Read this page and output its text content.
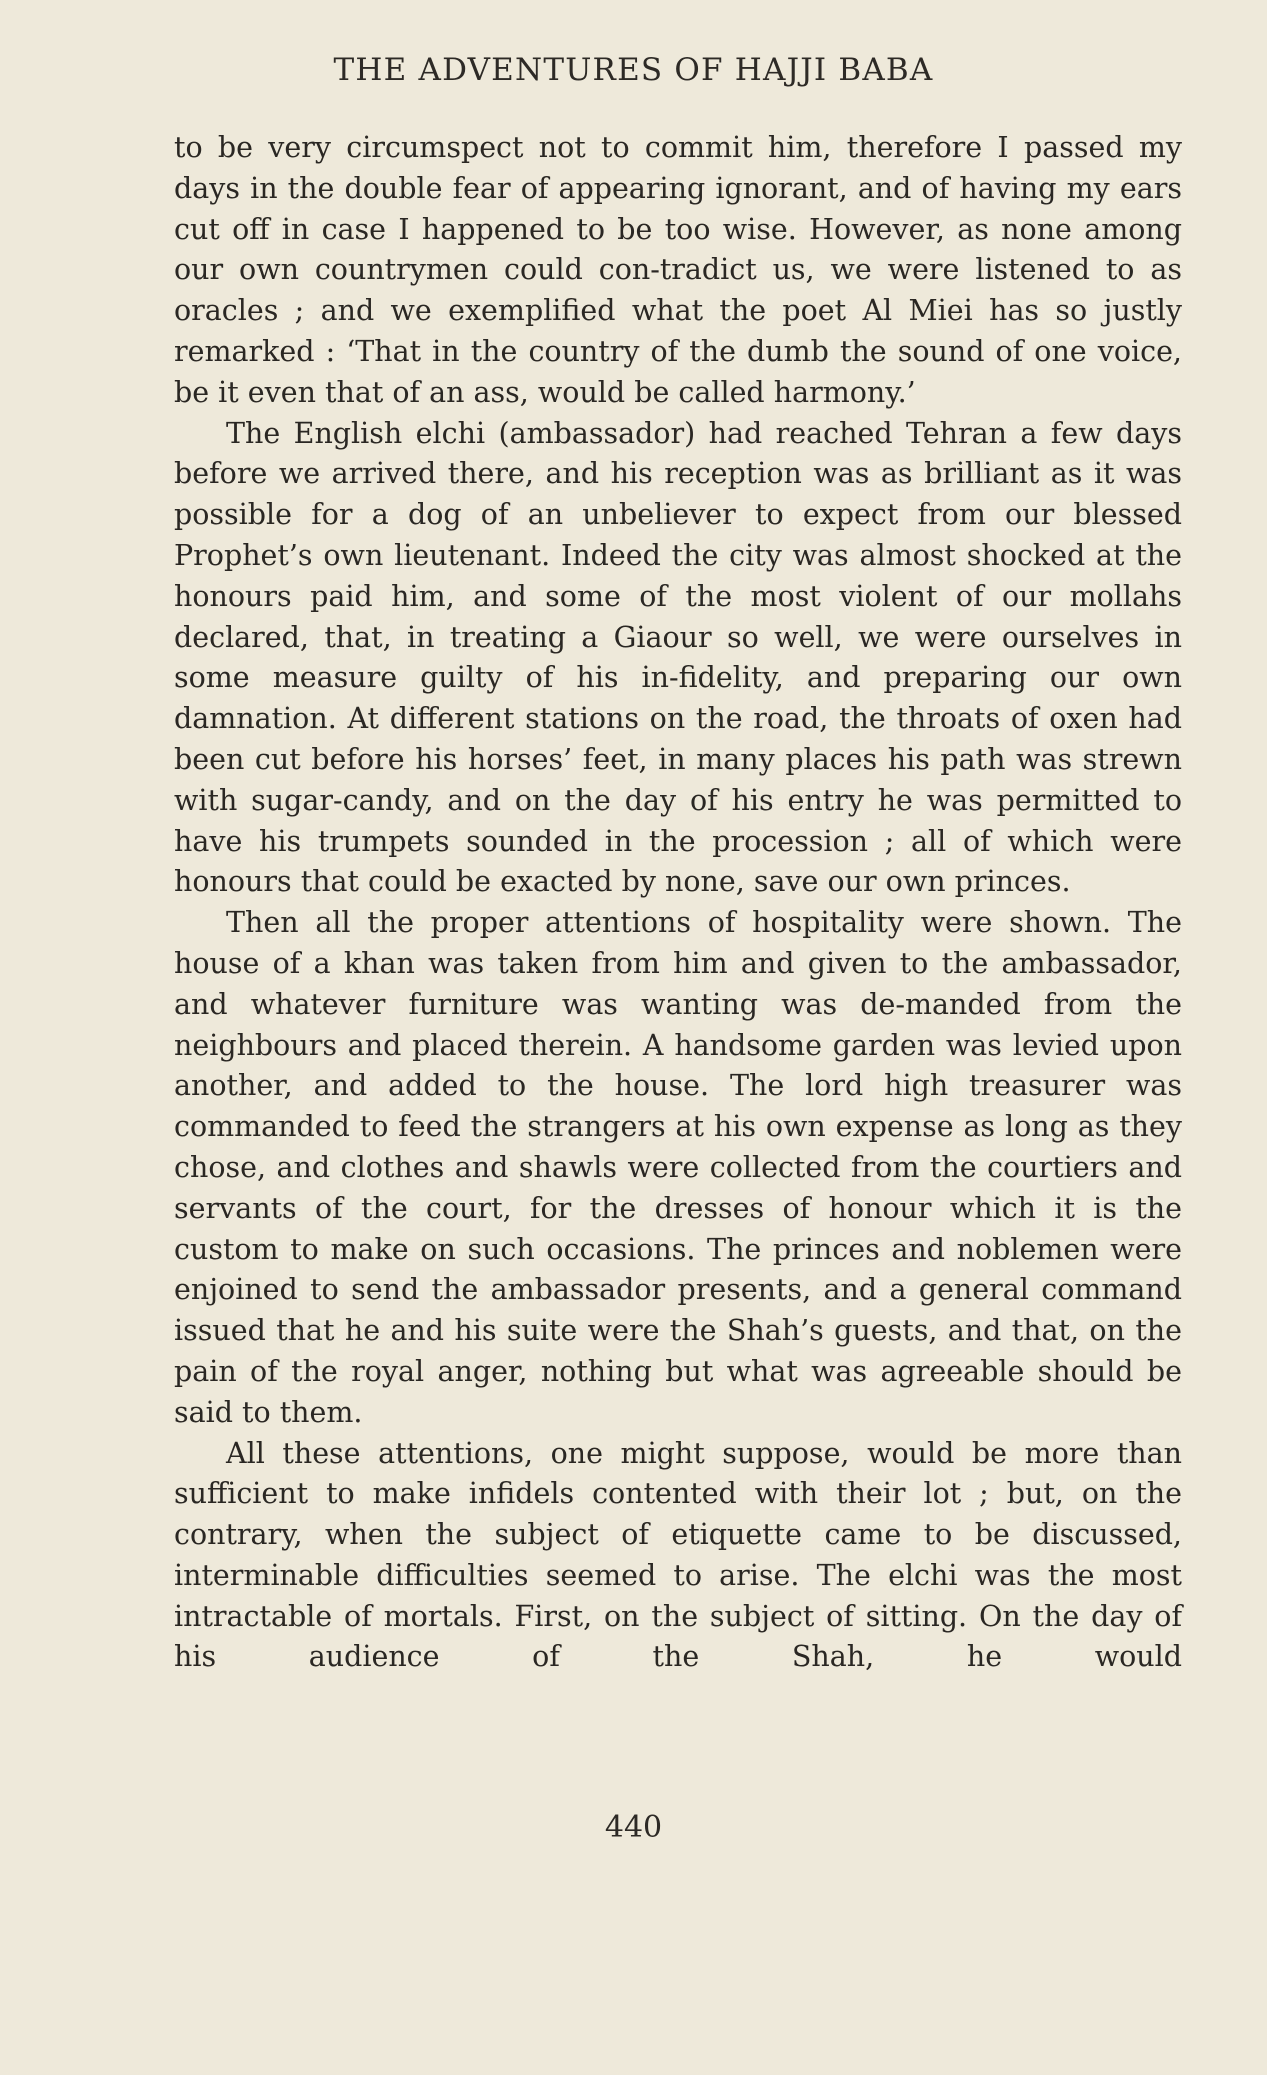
THE ADVENTURES OF HAJJI BABA

to be very circumspect not to commit him, therefore I passed my days in the double fear of appearing ignorant, and of having my ears cut off in case I happened to be too wise. However, as none among our own countrymen could con-tradict us, we were listened to as oracles ; and we exemplified what the poet Al Miei has so justly remarked : ‘That in the country of the dumb the sound of one voice, be it even that of an ass, would be called harmony.’

The English elchi (ambassador) had reached Tehran a few days before we arrived there, and his reception was as brilliant as it was possible for a dog of an unbeliever to expect from our blessed Prophet’s own lieutenant. Indeed the city was almost shocked at the honours paid him, and some of the most violent of our mollahs declared, that, in treating a Giaour so well, we were ourselves in some measure guilty of his in-fidelity, and preparing our own damnation. At different stations on the road, the throats of oxen had been cut before his horses’ feet, in many places his path was strewn with sugar-candy, and on the day of his entry he was permitted to have his trumpets sounded in the procession ; all of which were honours that could be exacted by none, save our own princes.

Then all the proper attentions of hospitality were shown. The house of a khan was taken from him and given to the ambassador, and whatever furniture was wanting was de-manded from the neighbours and placed therein. A handsome garden was levied upon another, and added to the house. The lord high treasurer was commanded to feed the strangers at his own expense as long as they chose, and clothes and shawls were collected from the courtiers and servants of the court, for the dresses of honour which it is the custom to make on such occasions. The princes and noblemen were enjoined to send the ambassador presents, and a general command issued that he and his suite were the Shah’s guests, and that, on the pain of the royal anger, nothing but what was agreeable should be said to them.

All these attentions, one might suppose, would be more than sufficient to make infidels contented with their lot ; but, on the contrary, when the subject of etiquette came to be discussed, interminable difficulties seemed to arise. The elchi was the most intractable of mortals. First, on the subject of sitting. On the day of his audience of the Shah, he would

440
